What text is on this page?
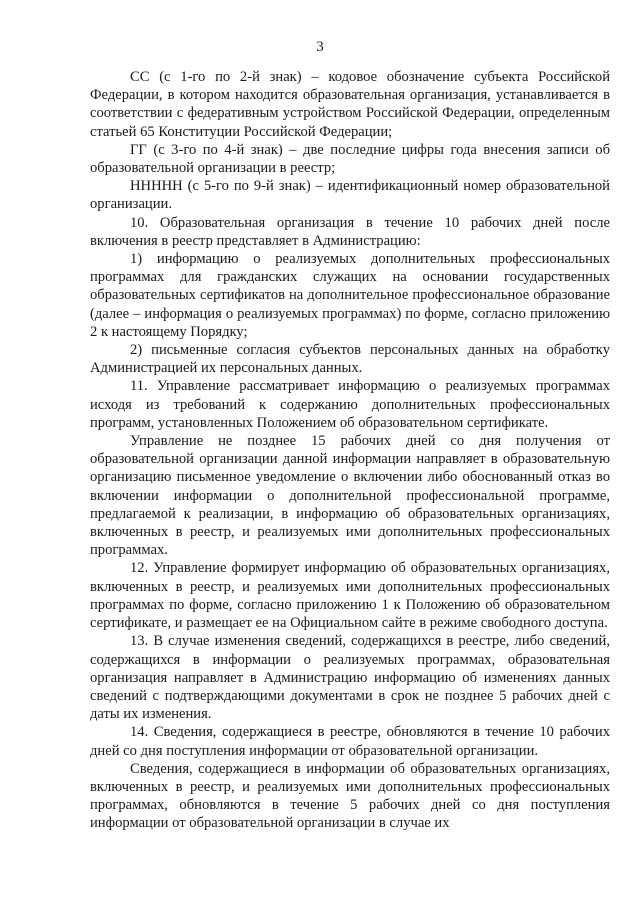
3

СС (с 1-го по 2-й знак) – кодовое обозначение субъекта Российской Федерации, в котором находится образовательная организация, устанавливается в соответствии с федеративным устройством Российской Федерации, определенным статьей 65 Конституции Российской Федерации;

ГГ (с 3-го по 4-й знак) – две последние цифры года внесения записи об образовательной организации в реестр;

ННННН (с 5-го по 9-й знак) – идентификационный номер образовательной организации.

10. Образовательная организация в течение 10 рабочих дней после включения в реестр представляет в Администрацию:

1) информацию о реализуемых дополнительных профессиональных программах для гражданских служащих на основании государственных образовательных сертификатов на дополнительное профессиональное образование (далее – информация о реализуемых программах) по форме, согласно приложению 2 к настоящему Порядку;

2) письменные согласия субъектов персональных данных на обработку Администрацией их персональных данных.

11. Управление рассматривает информацию о реализуемых программах исходя из требований к содержанию дополнительных профессиональных программ, установленных Положением об образовательном сертификате.

Управление не позднее 15 рабочих дней со дня получения от образовательной организации данной информации направляет в образовательную организацию письменное уведомление о включении либо обоснованный отказ во включении информации о дополнительной профессиональной программе, предлагаемой к реализации, в информацию об образовательных организациях, включенных в реестр, и реализуемых ими дополнительных профессиональных программах.

12. Управление формирует информацию об образовательных организациях, включенных в реестр, и реализуемых ими дополнительных профессиональных программах по форме, согласно приложению 1 к Положению об образовательном сертификате, и размещает ее на Официальном сайте в режиме свободного доступа.

13. В случае изменения сведений, содержащихся в реестре, либо сведений, содержащихся в информации о реализуемых программах, образовательная организация направляет в Администрацию информацию об изменениях данных сведений с подтверждающими документами в срок не позднее 5 рабочих дней с даты их изменения.

14. Сведения, содержащиеся в реестре, обновляются в течение 10 рабочих дней со дня поступления информации от образовательной организации.

Сведения, содержащиеся в информации об образовательных организациях, включенных в реестр, и реализуемых ими дополнительных профессиональных программах, обновляются в течение 5 рабочих дней со дня поступления информации от образовательной организации в случае их
